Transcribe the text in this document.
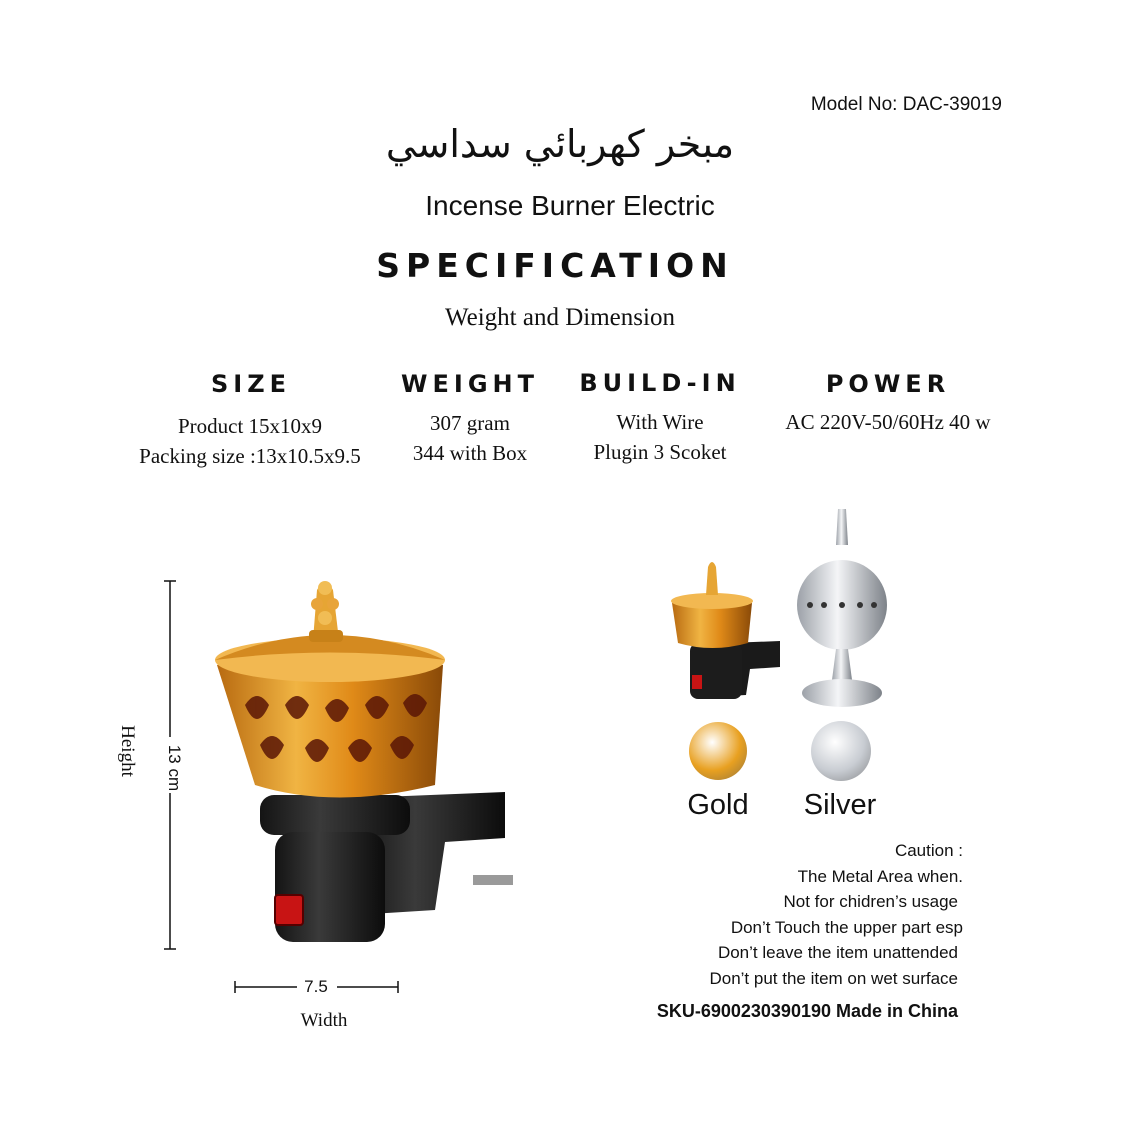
Model No: DAC-39019
مبخر كهربائي سداسي
Incense Burner Electric
SPECIFICATION
Weight and Dimension
SIZE
Product 15x10x9
Packing size :13x10.5x9.5
WEIGHT
307 gram
344 with Box
BUILD-IN
With Wire
Plugin 3 Scoket
POWER
AC 220V-50/60Hz 40 w
13 cm
Height
7.5
Width
Gold	Silver
Caution :
The Metal Area when.
Not for chidren’s usage
Don’t Touch the upper part esp
Don’t leave the item unattended
Don’t put the item on wet surface
SKU-6900230390190 Made in China
